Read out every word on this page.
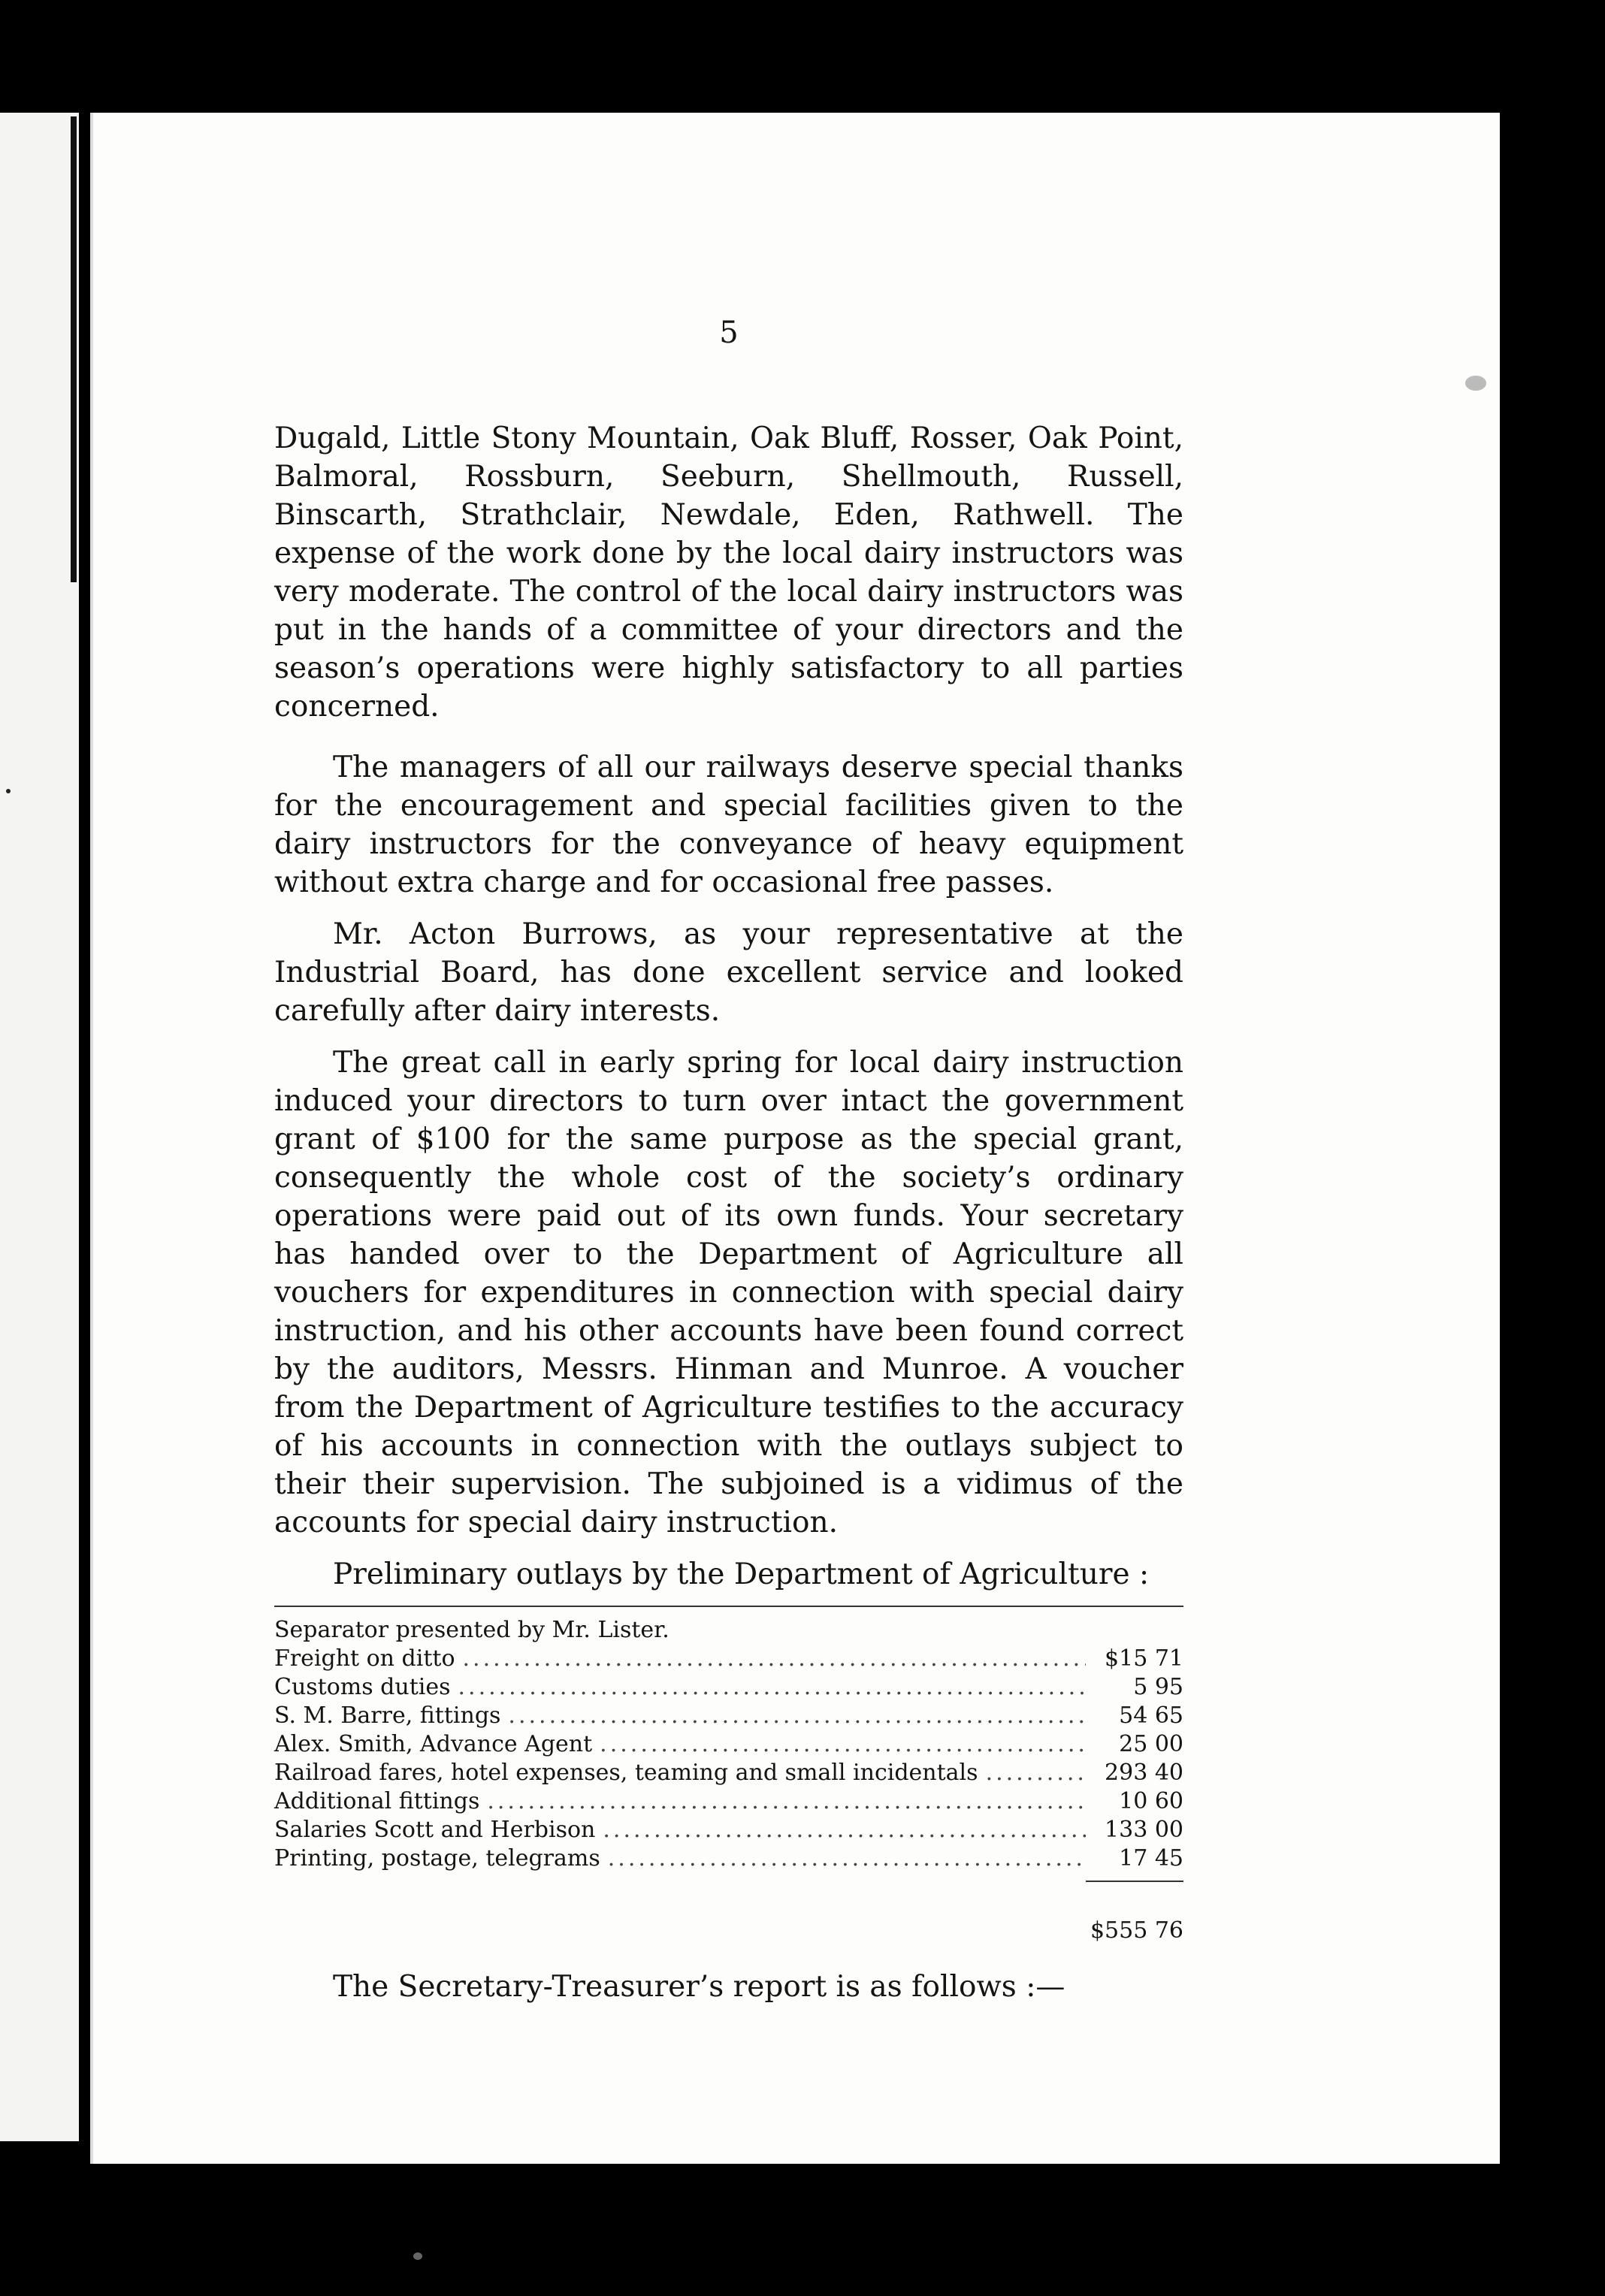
5

Dugald, Little Stony Mountain, Oak Bluff, Rosser, Oak Point, Balmoral, Rossburn, Seeburn, Shellmouth, Russell, Binscarth, Strathclair, Newdale, Eden, Rathwell. The expense of the work done by the local dairy instructors was very moderate. The control of the local dairy instructors was put in the hands of a committee of your directors and the season’s operations were highly satisfactory to all parties concerned.

The managers of all our railways deserve special thanks for the encouragement and special facilities given to the dairy instructors for the conveyance of heavy equipment without extra charge and for occasional free passes.

Mr. Acton Burrows, as your representative at the Industrial Board, has done excellent service and looked carefully after dairy interests.

The great call in early spring for local dairy instruction induced your directors to turn over intact the government grant of $100 for the same purpose as the special grant, consequently the whole cost of the society’s ordinary operations were paid out of its own funds. Your secretary has handed over to the Department of Agriculture all vouchers for expenditures in connection with special dairy instruction, and his other accounts have been found correct by the auditors, Messrs. Hinman and Munroe. A voucher from the Department of Agriculture testifies to the accuracy of his accounts in connection with the outlays subject to their their supervision. The subjoined is a vidimus of the accounts for special dairy instruction.

Preliminary outlays by the Department of Agriculture :
Separator presented by Mr. Lister.
Freight on ditto .....	$15 71
Customs duties .....	5 95
S. M. Barre, fittings .....	54 65
Alex. Smith, Advance Agent .....	25 00
Railroad fares, hotel expenses, teaming and small incidentals .....	293 40
Additional fittings .....	10 60
Salaries Scott and Herbison .....	133 00
Printing, postage, telegrams .....	17 45
$555 76
The Secretary-Treasurer’s report is as follows :—
